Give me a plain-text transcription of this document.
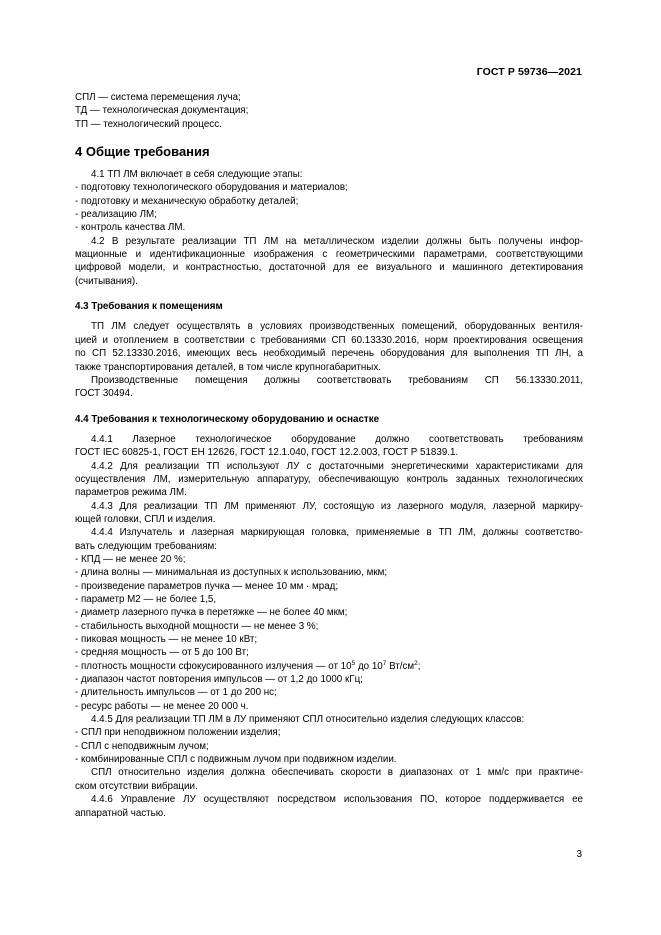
ГОСТ Р 59736—2021

СПЛ — система перемещения луча;

ТД — технологическая документация;

ТП — технологический процесс.

4 Общие требования

4.1 ТП ЛМ включает в себя следующие этапы:

- подготовку технологического оборудования и материалов;

- подготовку и механическую обработку деталей;

- реализацию ЛМ;

- контроль качества ЛМ.

4.2 В результате реализации ТП ЛМ на металлическом изделии должны быть получены инфор-

мационные и идентификационные изображения с геометрическими параметрами, соответствующими

цифровой модели, и контрастностью, достаточной для ее визуального и машинного детектирования

(считывания).

4.3 Требования к помещениям

ТП ЛМ следует осуществлять в условиях производственных помещений, оборудованных вентиля-

цией и отоплением в соответствии с требованиями СП 60.13330.2016, норм проектирования освещения

по СП 52.13330.2016, имеющих весь необходимый перечень оборудования для выполнения ТП ЛН, а

также транспортирования деталей, в том числе крупногабаритных.

Производственные помещения должны соответствовать требованиям СП 56.13330.2011,

ГОСТ 30494.

4.4 Требования к технологическому оборудованию и оснастке

4.4.1 Лазерное технологическое оборудование должно соответствовать требованиям

ГОСТ IEC 60825-1, ГОСТ EH 12626, ГОСТ 12.1.040, ГОСТ 12.2.003, ГОСТ Р 51839.1.

4.4.2 Для реализации ТП используют ЛУ с достаточными энергетическими характеристиками для

осуществления ЛМ, измерительную аппаратуру, обеспечивающую контроль заданных технологических

параметров режима ЛМ.

4.4.3 Для реализации ТП ЛМ применяют ЛУ, состоящую из лазерного модуля, лазерной маркиру-

ющей головки, СПЛ и изделия.

4.4.4 Излучатель и лазерная маркирующая головка, применяемые в ТП ЛМ, должны соответство-

вать следующим требованиям:

- КПД — не менее 20 %;

- длина волны — минимальная из доступных к использованию, мкм;

- произведение параметров пучка — менее 10 мм · мрад;

- параметр M2 — не более 1,5,

- диаметр лазерного пучка в перетяжке — не более 40 мкм;

- стабильность выходной мощности — не менее 3 %;

- пиковая мощность — не менее 10 кВт;

- средняя мощность — от 5 до 100 Вт;

- плотность мощности сфокусированного излучения — от $10^5$ до $10^7$ $Вт/см^2$;

- диапазон частот повторения импульсов — от 1,2 до 1000 кГц;

- длительность импульсов — от 1 до 200 нс;

- ресурс работы — не менее 20 000 ч.

4.4.5 Для реализации ТП ЛМ в ЛУ применяют СПЛ относительно изделия следующих классов:

- СПЛ при неподвижном положении изделия;

- СПЛ с неподвижным лучом;

- комбинированные СПЛ с подвижным лучом при подвижном изделии.

СПЛ относительно изделия должна обеспечивать скорости в диапазонах от 1 мм/с при практиче-

ском отсутствии вибрации.

4.4.6 Управление ЛУ осуществляют посредством использования ПО, которое поддерживается ее

аппаратной частью.

3
